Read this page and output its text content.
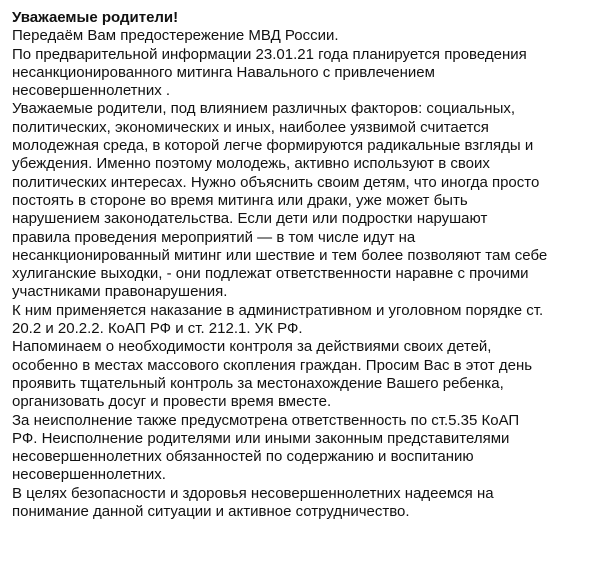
Уважаемые родители!
Передаём Вам предостережение МВД России.
По предварительной информации 23.01.21 года планируется проведения
несанкционированного митинга Навального с привлечением
несовершеннолетних .
Уважаемые родители, под влиянием различных факторов: социальных,
политических, экономических и иных, наиболее уязвимой считается
молодежная среда, в которой легче формируются радикальные взгляды и
убеждения. Именно поэтому молодежь, активно используют в своих
политических интересах. Нужно объяснить своим детям, что иногда просто
постоять в стороне во время митинга или драки, уже может быть
нарушением законодательства. Если дети или подростки нарушают
правила проведения мероприятий — в том числе идут на
несанкционированный митинг или шествие и тем более позволяют там себе
хулиганские выходки, - они подлежат ответственности наравне с прочими
участниками правонарушения.
К ним применяется наказание в административном и уголовном порядке ст.
20.2 и 20.2.2. КоАП РФ и ст. 212.1. УК РФ.
Напоминаем о необходимости контроля за действиями своих детей,
особенно в местах массового скопления граждан. Просим Вас в этот день
проявить тщательный контроль за местонахождение Вашего ребенка,
организовать досуг и провести время вместе.
За неисполнение также предусмотрена ответственность по ст.5.35 КоАП
РФ. Неисполнение родителями или иными законным представителями
несовершеннолетних обязанностей по содержанию и воспитанию
несовершеннолетних.
В целях безопасности и здоровья несовершеннолетних надеемся на
понимание данной ситуации и активное сотрудничество.
